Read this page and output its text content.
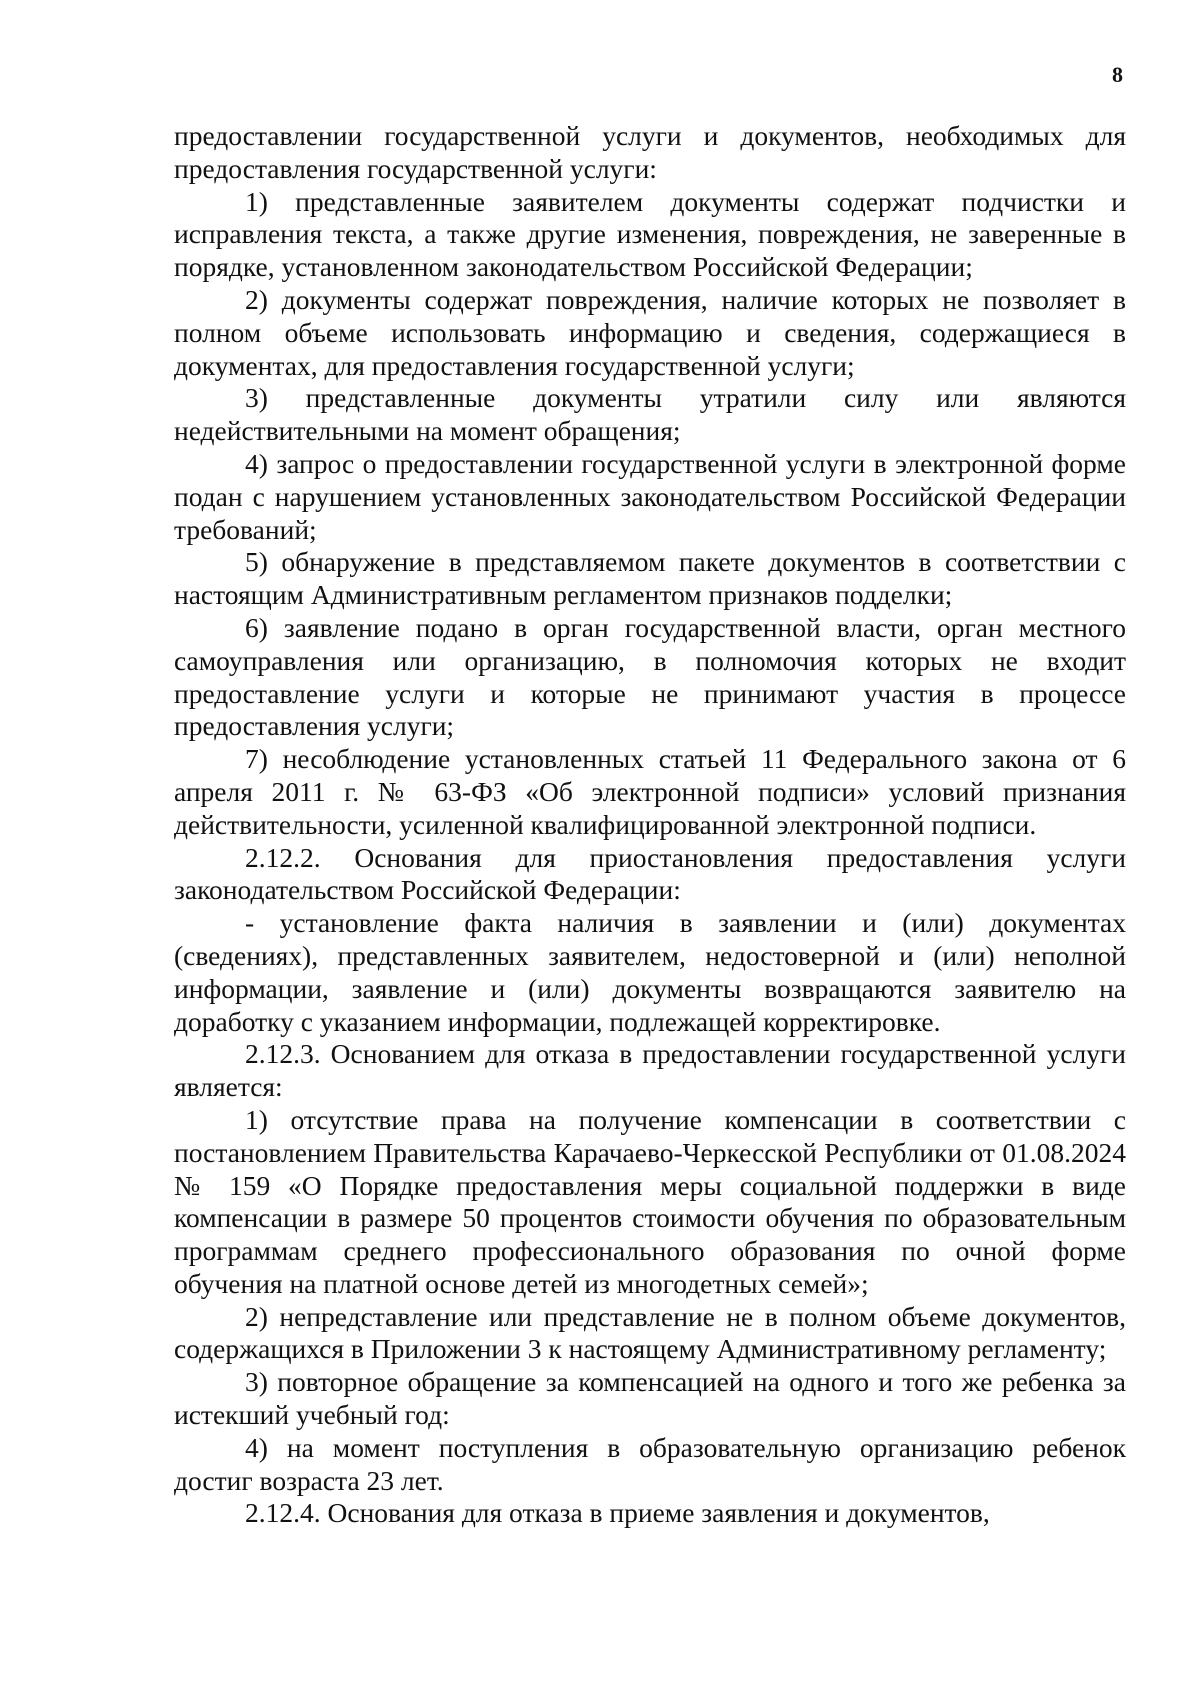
8

предоставлении государственной услуги и документов, необходимых для предоставления государственной услуги:

1) представленные заявителем документы содержат подчистки и исправления текста, а также другие изменения, повреждения, не заверенные в порядке, установленном законодательством Российской Федерации;

2) документы содержат повреждения, наличие которых не позволяет в полном объеме использовать информацию и сведения, содержащиеся в документах, для предоставления государственной услуги;

3) представленные документы утратили силу или являются недействительными на момент обращения;

4) запрос о предоставлении государственной услуги в электронной форме подан с нарушением установленных законодательством Российской Федерации требований;

5) обнаружение в представляемом пакете документов в соответствии с настоящим Административным регламентом признаков подделки;

6) заявление подано в орган государственной власти, орган местного самоуправления или организацию, в полномочия которых не входит предоставление услуги и которые не принимают участия в процессе предоставления услуги;

7) несоблюдение установленных статьей 11 Федерального закона от 6 апреля 2011 г. № 63-ФЗ «Об электронной подписи» условий признания действительности, усиленной квалифицированной электронной подписи.

2.12.2. Основания для приостановления предоставления услуги законодательством Российской Федерации:

- установление факта наличия в заявлении и (или) документах (сведениях), представленных заявителем, недостоверной и (или) неполной информации, заявление и (или) документы возвращаются заявителю на доработку с указанием информации, подлежащей корректировке.

2.12.3. Основанием для отказа в предоставлении государственной услуги является:

1) отсутствие права на получение компенсации в соответствии с постановлением Правительства Карачаево-Черкесской Республики от 01.08.2024 № 159 «О Порядке предоставления меры социальной поддержки в виде компенсации в размере 50 процентов стоимости обучения по образовательным программам среднего профессионального образования по очной форме обучения на платной основе детей из многодетных семей»;

2) непредставление или представление не в полном объеме документов, содержащихся в Приложении 3 к настоящему Административному регламенту;

3) повторное обращение за компенсацией на одного и того же ребенка за истекший учебный год:

4) на момент поступления в образовательную организацию ребенок достиг возраста 23 лет.

2.12.4. Основания для отказа в приеме заявления и документов,
